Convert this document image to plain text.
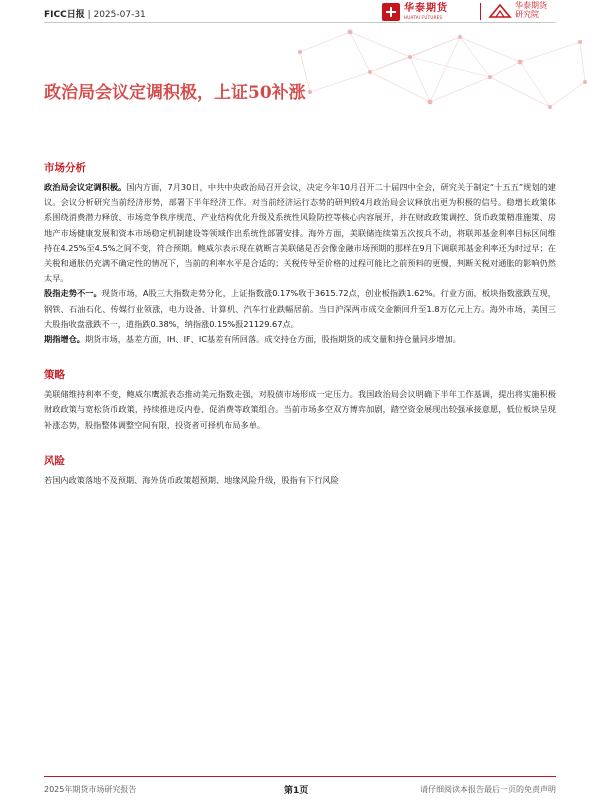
FICC日报 | 2025-07-31
华泰期货
HUATAI FUTURES
华泰期货
研究院
政治局会议定调积极，上证50补涨
市场分析

政治局会议定调积极。国内方面，7月30日，中共中央政治局召开会议，决定今年10月召开二十届四中全会，研究关于制定“十五五”规划的建议。会议分析研究当前经济形势，部署下半年经济工作。对当前经济运行态势的研判较4月政治局会议释放出更为积极的信号。稳增长政策体系围绕消费潜力释放、市场竞争秩序规范、产业结构优化升级及系统性风险防控等核心内容展开，并在财政政策调控、货币政策精准施策、房地产市场健康发展和资本市场稳定机制建设等领域作出系统性部署安排。海外方面，美联储连续第五次按兵不动，将联邦基金利率目标区间维持在4.25%至4.5%之间不变，符合预期。鲍威尔表示现在就断言美联储是否会像金融市场预期的那样在9月下调联邦基金利率还为时过早；在关税和通胀仍充满不确定性的情况下，当前的利率水平是合适的；关税传导至价格的过程可能比之前预料的更慢，判断关税对通胀的影响仍然太早。

股指走势不一。现货市场，A股三大指数走势分化，上证指数涨0.17%收于3615.72点，创业板指跌1.62%。行业方面，板块指数涨跌互现，钢铁、石油石化、传媒行业领涨，电力设备、计算机、汽车行业跌幅居前。当日沪深两市成交金额回升至1.8万亿元上方。海外市场，美国三大股指收盘涨跌不一，道指跌0.38%，纳指涨0.15%报21129.67点。

期指增仓。期货市场，基差方面，IH、IF、IC基差有所回落。成交持仓方面，股指期货的成交量和持仓量同步增加。

策略

美联储维持利率不变，鲍威尔鹰派表态推动美元指数走强，对股债市场形成一定压力。我国政治局会议明确下半年工作基调，提出将实施积极财政政策与宽松货币政策，持续推进反内卷、促消费等政策组合。当前市场多空双方博弈加剧，踏空资金展现出较强承接意愿，低位板块呈现补涨态势，股指整体调整空间有限，投资者可择机布局多单。

风险

若国内政策落地不及预期、海外货币政策超预期、地缘风险升级，股指有下行风险

2025年期货市场研究报告	第1页	请仔细阅读本报告最后一页的免责声明
